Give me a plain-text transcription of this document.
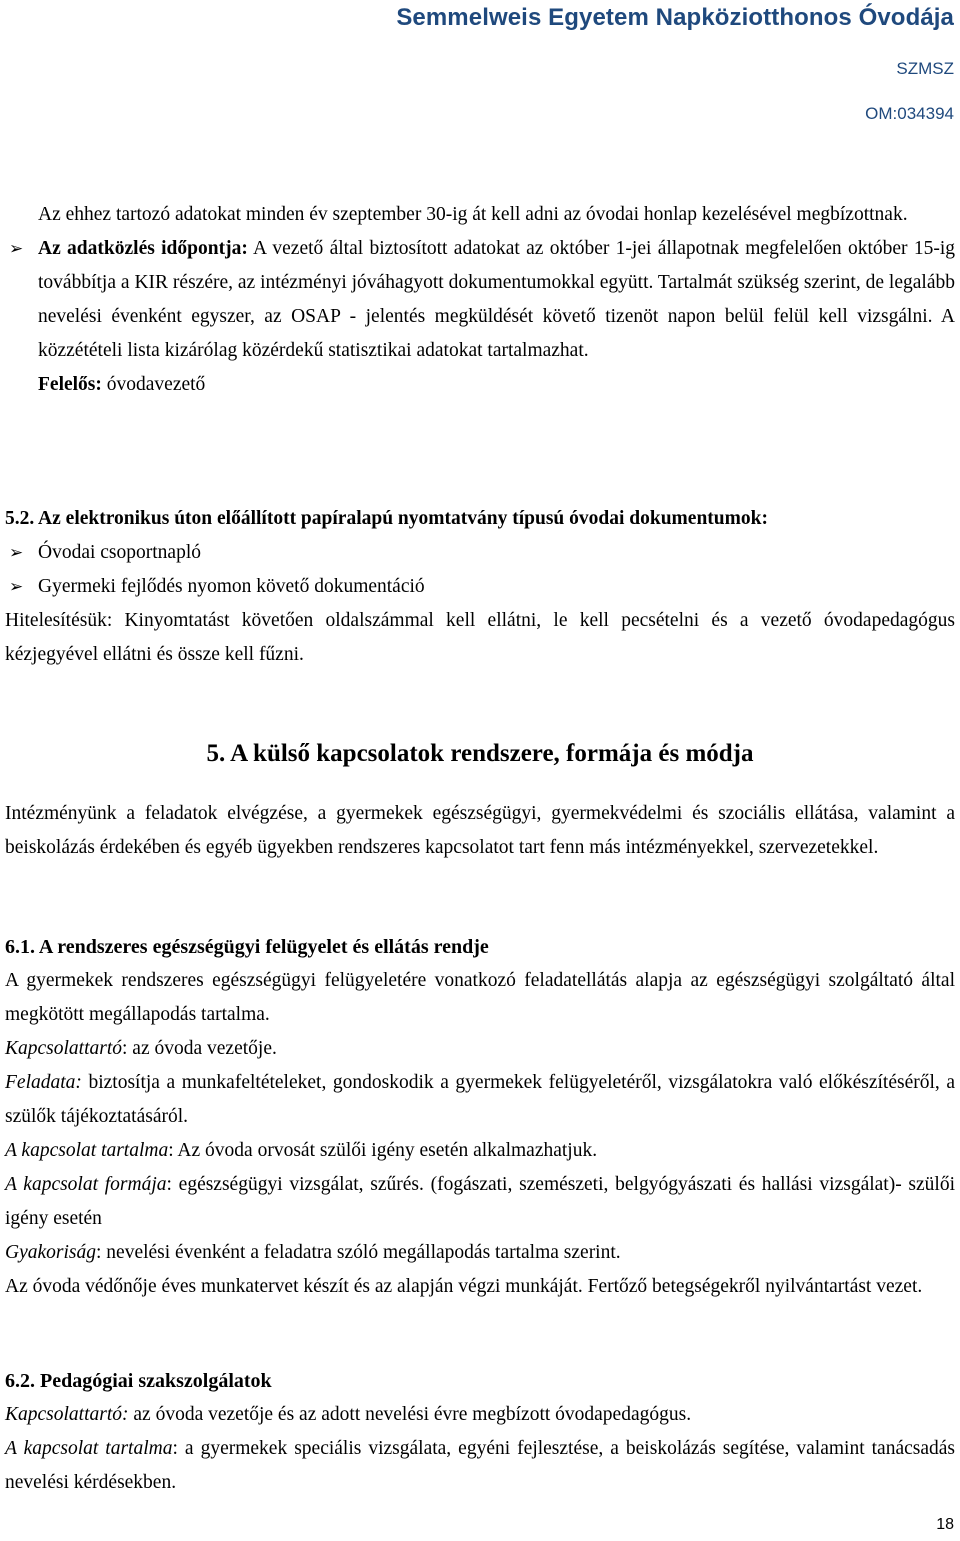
Semmelweis Egyetem Napköziotthonos Óvodája
SZMSZ
OM:034394

Az ehhez tartozó adatokat minden év szeptember 30-ig át kell adni az óvodai honlap kezelésével megbízottnak.

➢ Az adatközlés időpontja: A vezető által biztosított adatokat az október 1-jei állapotnak megfelelően október 15-ig továbbítja a KIR részére, az intézményi jóváhagyott dokumentumokkal együtt. Tartalmát szükség szerint, de legalább nevelési évenként egyszer, az OSAP - jelentés megküldését követő tizenöt napon belül felül kell vizsgálni. A közzétételi lista kizárólag közérdekű statisztikai adatokat tartalmazhat.

Felelős: óvodavezető

5.2. Az elektronikus úton előállított papíralapú nyomtatvány típusú óvodai dokumentumok:

➢ Óvodai csoportnapló
➢ Gyermeki fejlődés nyomon követő dokumentáció

Hitelesítésük: Kinyomtatást követően oldalszámmal kell ellátni, le kell pecsételni és a vezető óvodapedagógus kézjegyével ellátni és össze kell fűzni.

5. A külső kapcsolatok rendszere, formája és módja

Intézményünk a feladatok elvégzése, a gyermekek egészségügyi, gyermekvédelmi és szociális ellátása, valamint a beiskolázás érdekében és egyéb ügyekben rendszeres kapcsolatot tart fenn más intézményekkel, szervezetekkel.

6.1. A rendszeres egészségügyi felügyelet és ellátás rendje

A gyermekek rendszeres egészségügyi felügyeletére vonatkozó feladatellátás alapja az egészségügyi szolgáltató által megkötött megállapodás tartalma.

Kapcsolattartó: az óvoda vezetője.

Feladata: biztosítja a munkafeltételeket, gondoskodik a gyermekek felügyeletéről, vizsgálatokra való előkészítéséről, a szülők tájékoztatásáról.

A kapcsolat tartalma: Az óvoda orvosát szülői igény esetén alkalmazhatjuk.

A kapcsolat formája: egészségügyi vizsgálat, szűrés. (fogászati, szemészeti, belgyógyászati és hallási vizsgálat)- szülői igény esetén

Gyakoriság: nevelési évenként a feladatra szóló megállapodás tartalma szerint.

Az óvoda védőnője éves munkatervet készít és az alapján végzi munkáját. Fertőző betegségekről nyilvántartást vezet.

6.2. Pedagógiai szakszolgálatok

Kapcsolattartó: az óvoda vezetője és az adott nevelési évre megbízott óvodapedagógus.

A kapcsolat tartalma: a gyermekek speciális vizsgálata, egyéni fejlesztése, a beiskolázás segítése, valamint tanácsadás nevelési kérdésekben.

18
